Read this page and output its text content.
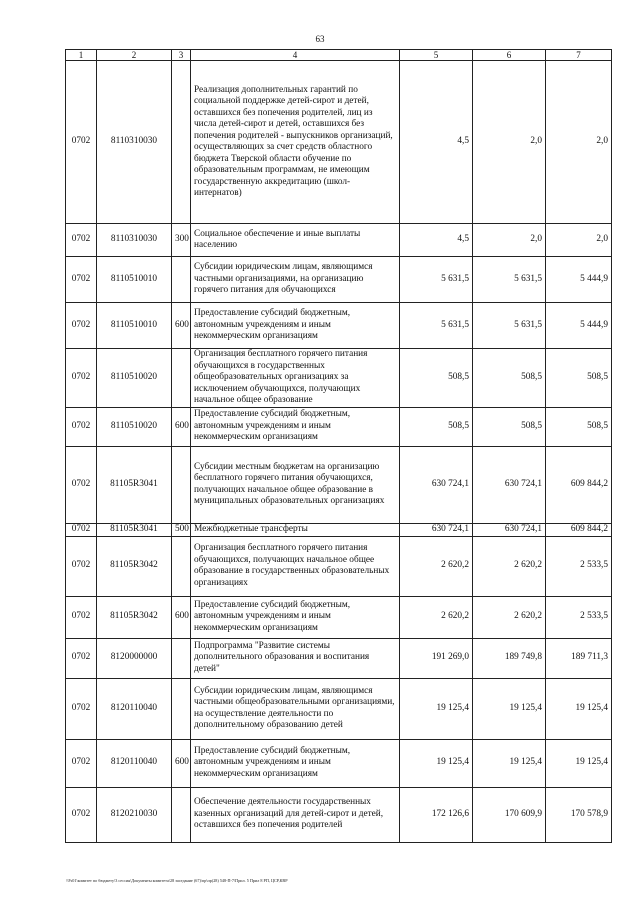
63
1	2	3	4	5	6	7
0702	8110310030		Реализация дополнительных гарантий по социальной поддержке детей-сирот и детей, оставшихся без попечения родителей, лиц из числа детей-сирот и детей, оставшихся без попечения родителей - выпускников организаций, осуществляющих за счет средств областного бюджета Тверской области обучение по образовательным программам, не имеющим государственную аккредитацию (школ-интернатов)	4,5	2,0	2,0
0702	8110310030	300	Социальное обеспечение и иные выплаты населению	4,5	2,0	2,0
0702	8110510010		Субсидии юридическим лицам, являющимся частными организациями, на организацию горячего питания для обучающихся	5 631,5	5 631,5	5 444,9
0702	8110510010	600	Предоставление субсидий бюджетным, автономным учреждениям и иным некоммерческим организациям	5 631,5	5 631,5	5 444,9
0702	8110510020		Организация бесплатного горячего питания обучающихся в государственных общеобразовательных организациях за исключением обучающихся, получающих начальное общее образование	508,5	508,5	508,5
0702	8110510020	600	Предоставление субсидий бюджетным, автономным учреждениям и иным некоммерческим организациям	508,5	508,5	508,5
0702	81105R3041		Субсидии местным бюджетам на организацию бесплатного горячего питания обучающихся, получающих начальное общее образование в муниципальных образовательных организациях	630 724,1	630 724,1	609 844,2
0702	81105R3041	500	Межбюджетные трансферты	630 724,1	630 724,1	609 844,2
0702	81105R3042		Организация бесплатного горячего питания обучающихся, получающих начальное общее образование в государственных образовательных организациях	2 620,2	2 620,2	2 533,5
0702	81105R3042	600	Предоставление субсидий бюджетным, автономным учреждениям и иным некоммерческим организациям	2 620,2	2 620,2	2 533,5
0702	8120000000		Подпрограмма "Развитие системы дополнительного образования и воспитания детей"	191 269,0	189 749,8	189 711,3
0702	8120110040		Субсидии юридическим лицам, являющимся частными общеобразовательными организациями, на осуществление деятельности по дополнительному образованию детей	19 125,4	19 125,4	19 125,4
0702	8120110040	600	Предоставление субсидий бюджетным, автономным учреждениям и иным некоммерческим организациям	19 125,4	19 125,4	19 125,4
0702	8120210030		Обеспечение деятельности государственных казенных организаций для детей-сирот и детей, оставшихся без попечения родителей	172 126,6	170 609,9	170 578,9
\\Fs01\комитет по бюджету\3 сессия\Документы комитета\28 заседание (67)\пр\пр(28) 548-П-7\Прил. 5 Прил 8 РП, ЦСР,КВР
